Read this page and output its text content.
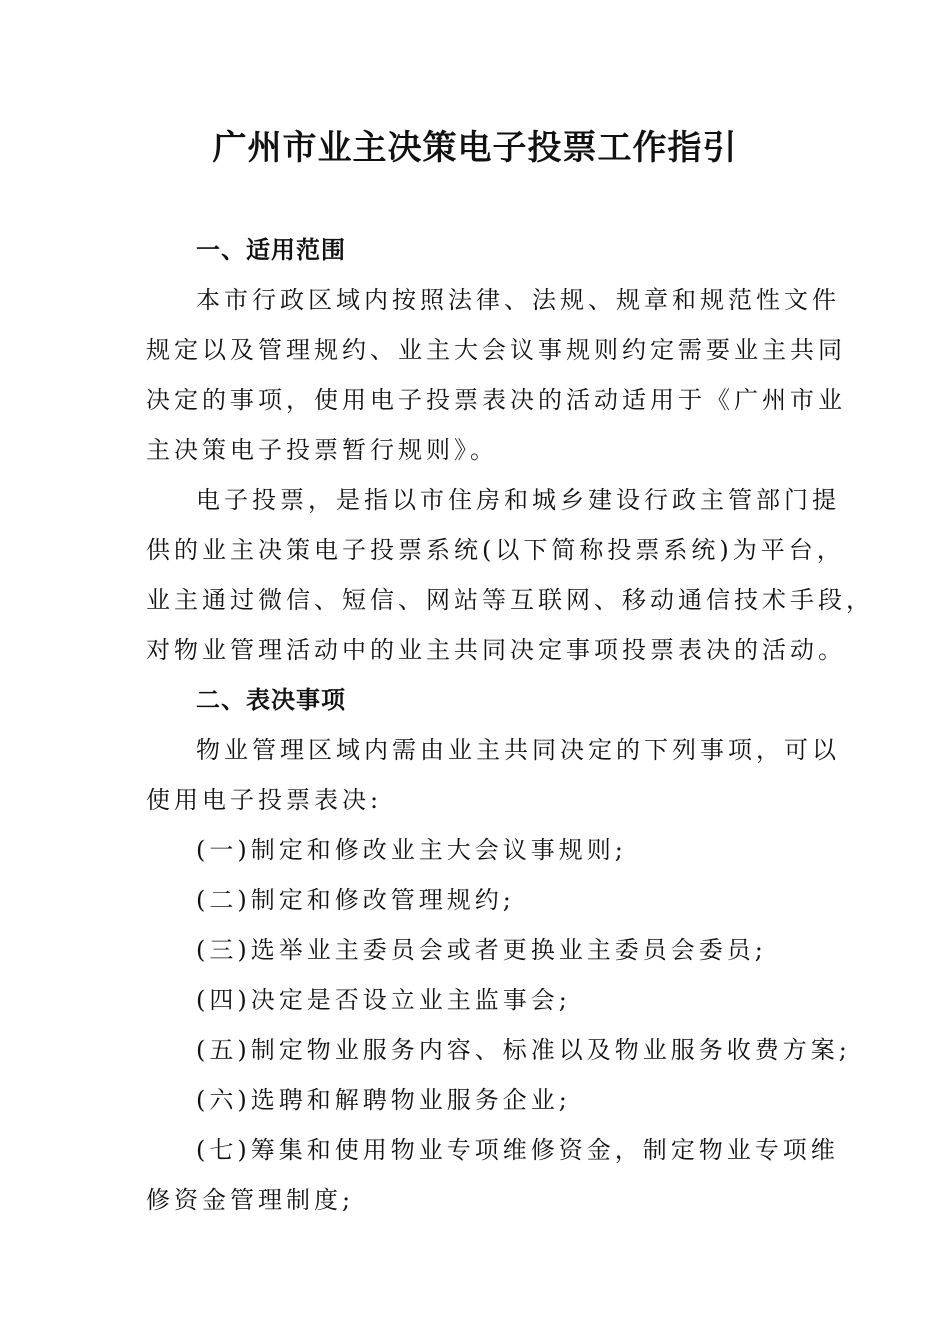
广州市业主决策电子投票工作指引

一、适用范围

本市行政区域内按照法律、法规、规章和规范性文件

规定以及管理规约、业主大会议事规则约定需要业主共同

决定的事项，使用电子投票表决的活动适用于《广州市业

主决策电子投票暂行规则》。

电子投票，是指以市住房和城乡建设行政主管部门提

供的业主决策电子投票系统(以下简称投票系统)为平台，

业主通过微信、短信、网站等互联网、移动通信技术手段，

对物业管理活动中的业主共同决定事项投票表决的活动。

二、表决事项

物业管理区域内需由业主共同决定的下列事项，可以

使用电子投票表决:

(一)制定和修改业主大会议事规则;

(二)制定和修改管理规约;

(三)选举业主委员会或者更换业主委员会委员;

(四)决定是否设立业主监事会;

(五)制定物业服务内容、标准以及物业服务收费方案;

(六)选聘和解聘物业服务企业;

(七)筹集和使用物业专项维修资金，制定物业专项维

修资金管理制度;
